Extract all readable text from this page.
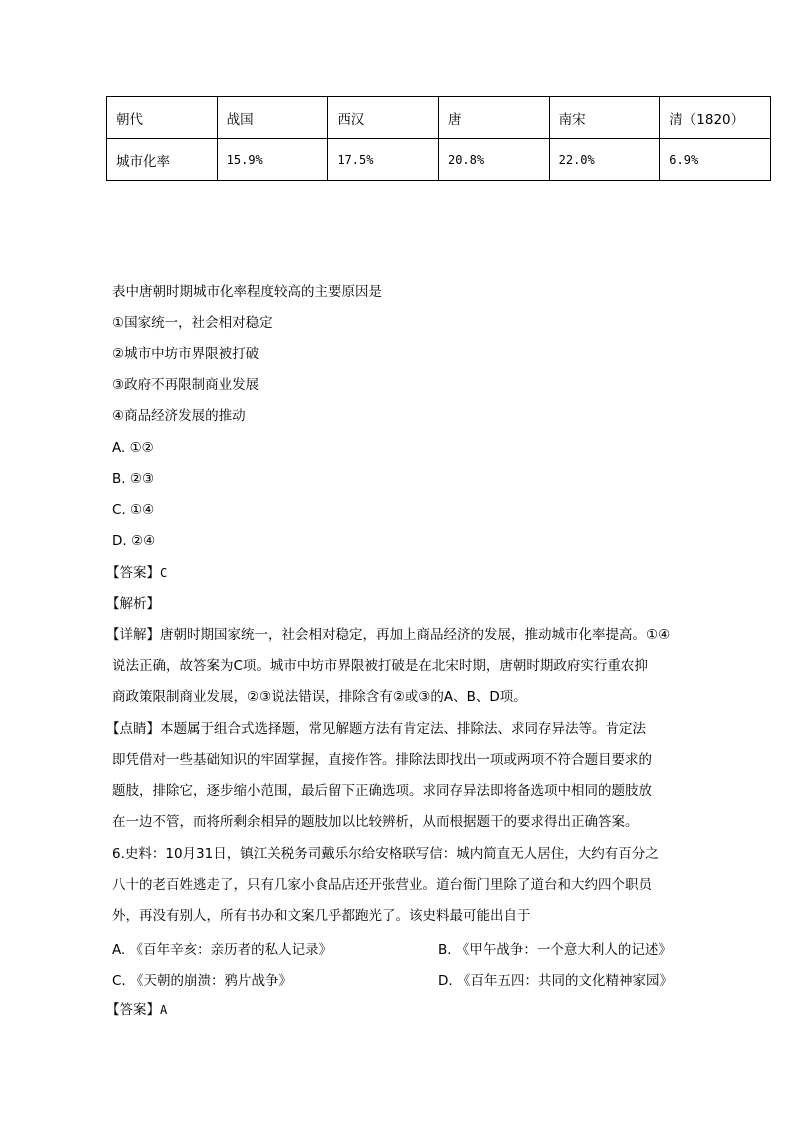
朝代	战国	西汉	唐	南宋	清（1820）
城市化率	15.9%	17.5%	20.8%	22.0%	6.9%
表中唐朝时期城市化率程度较高的主要原因是
①国家统一，社会相对稳定
②城市中坊市界限被打破
③政府不再限制商业发展
④商品经济发展的推动
A. ①②
B. ②③
C. ①④
D. ②④
【答案】C
【解析】
【详解】唐朝时期国家统一，社会相对稳定，再加上商品经济的发展，推动城市化率提高。①④
说法正确，故答案为C项。城市中坊市界限被打破是在北宋时期，唐朝时期政府实行重农抑
商政策限制商业发展，②③说法错误，排除含有②或③的A、B、D项。
【点睛】本题属于组合式选择题，常见解题方法有肯定法、排除法、求同存异法等。肯定法
即凭借对一些基础知识的牢固掌握，直接作答。排除法即找出一项或两项不符合题目要求的
题肢，排除它，逐步缩小范围，最后留下正确选项。求同存异法即将备选项中相同的题肢放
在一边不管，而将所剩余相异的题肢加以比较辨析，从而根据题干的要求得出正确答案。
6.史料：10月31日，镇江关税务司戴乐尔给安格联写信：城内简直无人居住，大约有百分之
八十的老百姓逃走了，只有几家小食品店还开张营业。道台衙门里除了道台和大约四个职员
外，再没有别人，所有书办和文案几乎都跑光了。该史料最可能出自于
A. 《百年辛亥：亲历者的私人记录》	B. 《甲午战争：一个意大利人的记述》
C. 《天朝的崩溃：鸦片战争》	D. 《百年五四：共同的文化精神家园》
【答案】A
